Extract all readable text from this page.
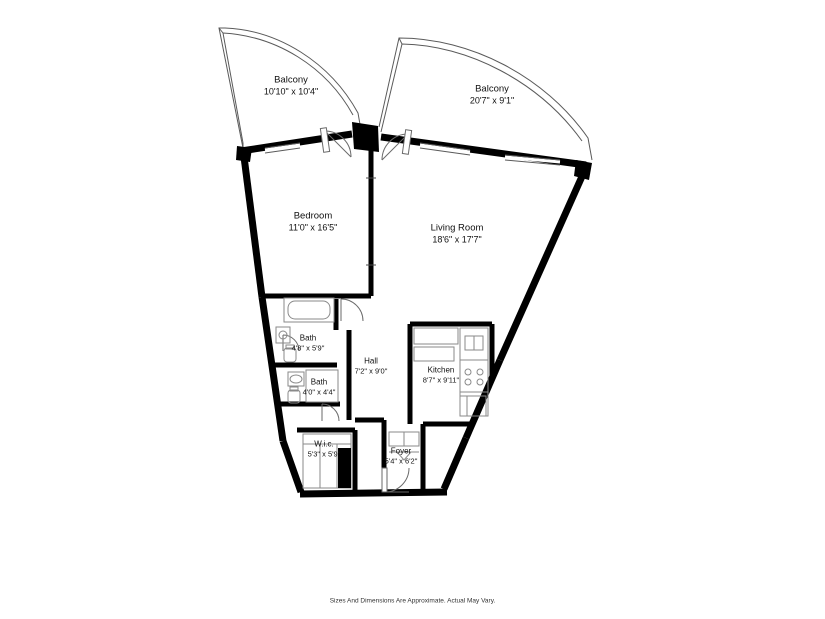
Balcony
10'10" x 10'4"	Balcony
20'7" x 9'1"
Bedroom
11'0" x 16'5"	Living Room
18'6" x 17'7"
Bath
4'8" x 5'9"
Bath
4'0" x 4'4"
Hall
7'2" x 9'0"	Kitchen
8'7" x 9'11"
W.i.c.
5'3" x 5'9"	Foyer
5'4" x 6'2"
Sizes And Dimensions Are Approximate. Actual May Vary.
